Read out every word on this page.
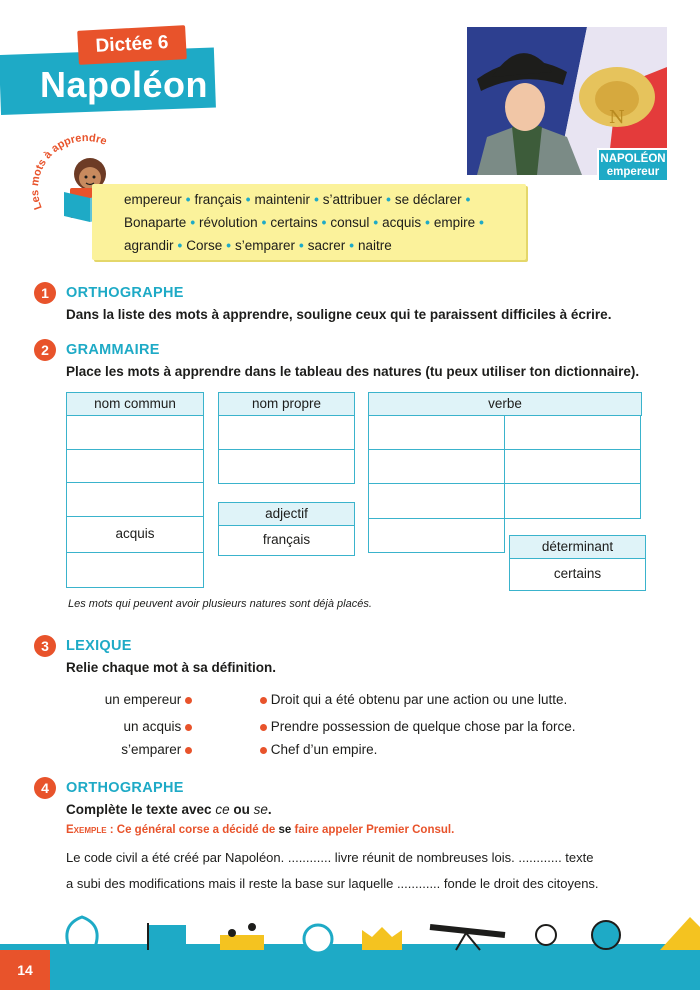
Dictée 6
Napoléon
N
NAPOLÉON
empereur
Les mots à apprendre
empereur • français • maintenir • s’attribuer • se déclarer •
Bonaparte • révolution • certains • consul • acquis • empire •
agrandir • Corse • s’emparer • sacrer • naitre
1	ORTHOGRAPHE
Dans la liste des mots à apprendre, souligne ceux qui te paraissent difficiles à écrire.
2	GRAMMAIRE
Place les mots à apprendre dans le tableau des natures (tu peux utiliser ton dictionnaire).
nom commun
acquis
nom propre
adjectif
français
verbe
déterminant
certains
Les mots qui peuvent avoir plusieurs natures sont déjà placés.
3	LEXIQUE
Relie chaque mot à sa définition.
un empereur
un acquis
s’emparer
Droit qui a été obtenu par une action ou une lutte.
Prendre possession de quelque chose par la force.
Chef d’un empire.
4	ORTHOGRAPHE
Complète le texte avec ce ou se.
Exemple : Ce général corse a décidé de se faire appeler Premier Consul.
Le code civil a été créé par Napoléon. ............ livre réunit de nombreuses lois. ............ texte
a subi des modifications mais il reste la base sur laquelle ............ fonde le droit des citoyens.
14
